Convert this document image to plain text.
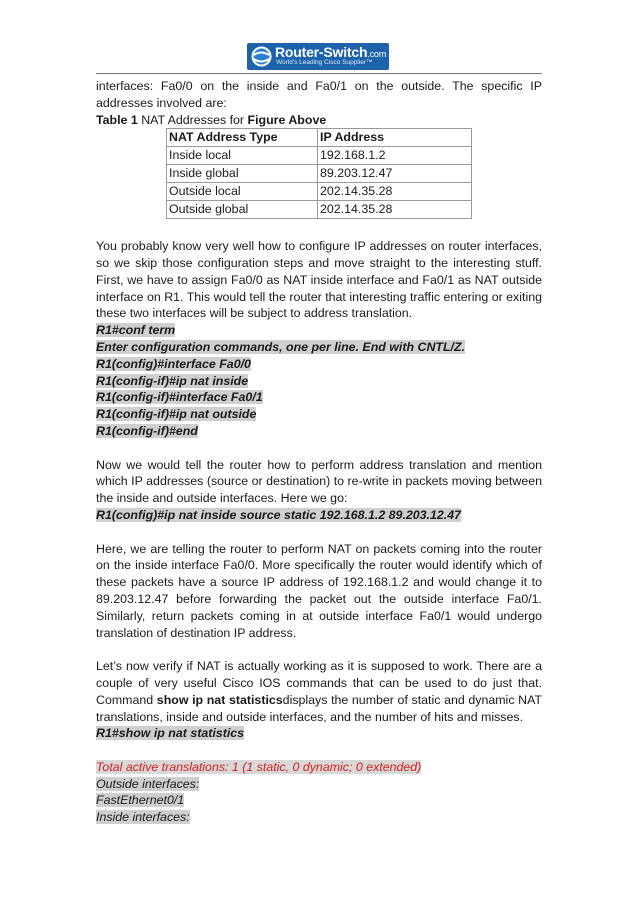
Router-Switch.com
World's Leading Cisco Supplier™

interfaces: Fa0/0 on the inside and Fa0/1 on the outside. The specific IP addresses involved are:

Table 1 NAT Addresses for Figure Above

NAT Address Type	IP Address
Inside local	192.168.1.2
Inside global	89.203.12.47
Outside local	202.14.35.28
Outside global	202.14.35.28

You probably know very well how to configure IP addresses on router interfaces, so we skip those configuration steps and move straight to the interesting stuff. First, we have to assign Fa0/0 as NAT inside interface and Fa0/1 as NAT outside interface on R1. This would tell the router that interesting traffic entering or exiting these two interfaces will be subject to address translation.

R1#conf term
Enter configuration commands, one per line. End with CNTL/Z.
R1(config)#interface Fa0/0
R1(config-if)#ip nat inside
R1(config-if)#interface Fa0/1
R1(config-if)#ip nat outside
R1(config-if)#end

Now we would tell the router how to perform address translation and mention which IP addresses (source or destination) to re-write in packets moving between the inside and outside interfaces. Here we go:

R1(config)#ip nat inside source static 192.168.1.2 89.203.12.47

Here, we are telling the router to perform NAT on packets coming into the router on the inside interface Fa0/0. More specifically the router would identify which of these packets have a source IP address of 192.168.1.2 and would change it to 89.203.12.47 before forwarding the packet out the outside interface Fa0/1. Similarly, return packets coming in at outside interface Fa0/1 would undergo translation of destination IP address.

Let’s now verify if NAT is actually working as it is supposed to work. There are a couple of very useful Cisco IOS commands that can be used to do just that. Command show ip nat statisticsdisplays the number of static and dynamic NAT translations, inside and outside interfaces, and the number of hits and misses.

R1#show ip nat statistics
Total active translations: 1 (1 static, 0 dynamic; 0 extended)
Outside interfaces:
FastEthernet0/1
Inside interfaces:
